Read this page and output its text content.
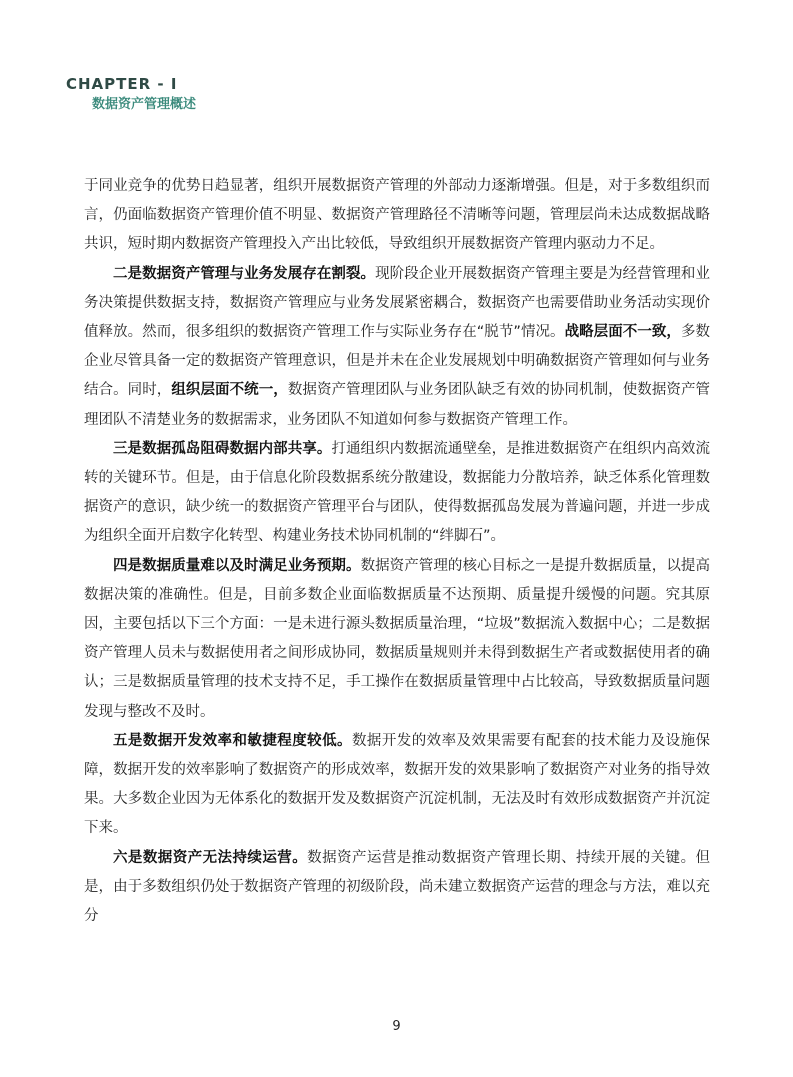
CHAPTER - I
数据资产管理概述

于同业竞争的优势日趋显著，组织开展数据资产管理的外部动力逐渐增强。但是，对于多数组织而言，仍面临数据资产管理价值不明显、数据资产管理路径不清晰等问题，管理层尚未达成数据战略共识，短时期内数据资产管理投入产出比较低，导致组织开展数据资产管理内驱动力不足。

二是数据资产管理与业务发展存在割裂。现阶段企业开展数据资产管理主要是为经营管理和业务决策提供数据支持，数据资产管理应与业务发展紧密耦合，数据资产也需要借助业务活动实现价值释放。然而，很多组织的数据资产管理工作与实际业务存在“脱节”情况。战略层面不一致，多数企业尽管具备一定的数据资产管理意识，但是并未在企业发展规划中明确数据资产管理如何与业务结合。同时，组织层面不统一，数据资产管理团队与业务团队缺乏有效的协同机制，使数据资产管理团队不清楚业务的数据需求，业务团队不知道如何参与数据资产管理工作。

三是数据孤岛阻碍数据内部共享。打通组织内数据流通壁垒，是推进数据资产在组织内高效流转的关键环节。但是，由于信息化阶段数据系统分散建设，数据能力分散培养，缺乏体系化管理数据资产的意识，缺少统一的数据资产管理平台与团队，使得数据孤岛发展为普遍问题，并进一步成为组织全面开启数字化转型、构建业务技术协同机制的“绊脚石”。

四是数据质量难以及时满足业务预期。数据资产管理的核心目标之一是提升数据质量，以提高数据决策的准确性。但是，目前多数企业面临数据质量不达预期、质量提升缓慢的问题。究其原因，主要包括以下三个方面：一是未进行源头数据质量治理，“垃圾”数据流入数据中心；二是数据资产管理人员未与数据使用者之间形成协同，数据质量规则并未得到数据生产者或数据使用者的确认；三是数据质量管理的技术支持不足，手工操作在数据质量管理中占比较高，导致数据质量问题发现与整改不及时。

五是数据开发效率和敏捷程度较低。数据开发的效率及效果需要有配套的技术能力及设施保障，数据开发的效率影响了数据资产的形成效率，数据开发的效果影响了数据资产对业务的指导效果。大多数企业因为无体系化的数据开发及数据资产沉淀机制，无法及时有效形成数据资产并沉淀下来。

六是数据资产无法持续运营。数据资产运营是推动数据资产管理长期、持续开展的关键。但是，由于多数组织仍处于数据资产管理的初级阶段，尚未建立数据资产运营的理念与方法，难以充分

9
